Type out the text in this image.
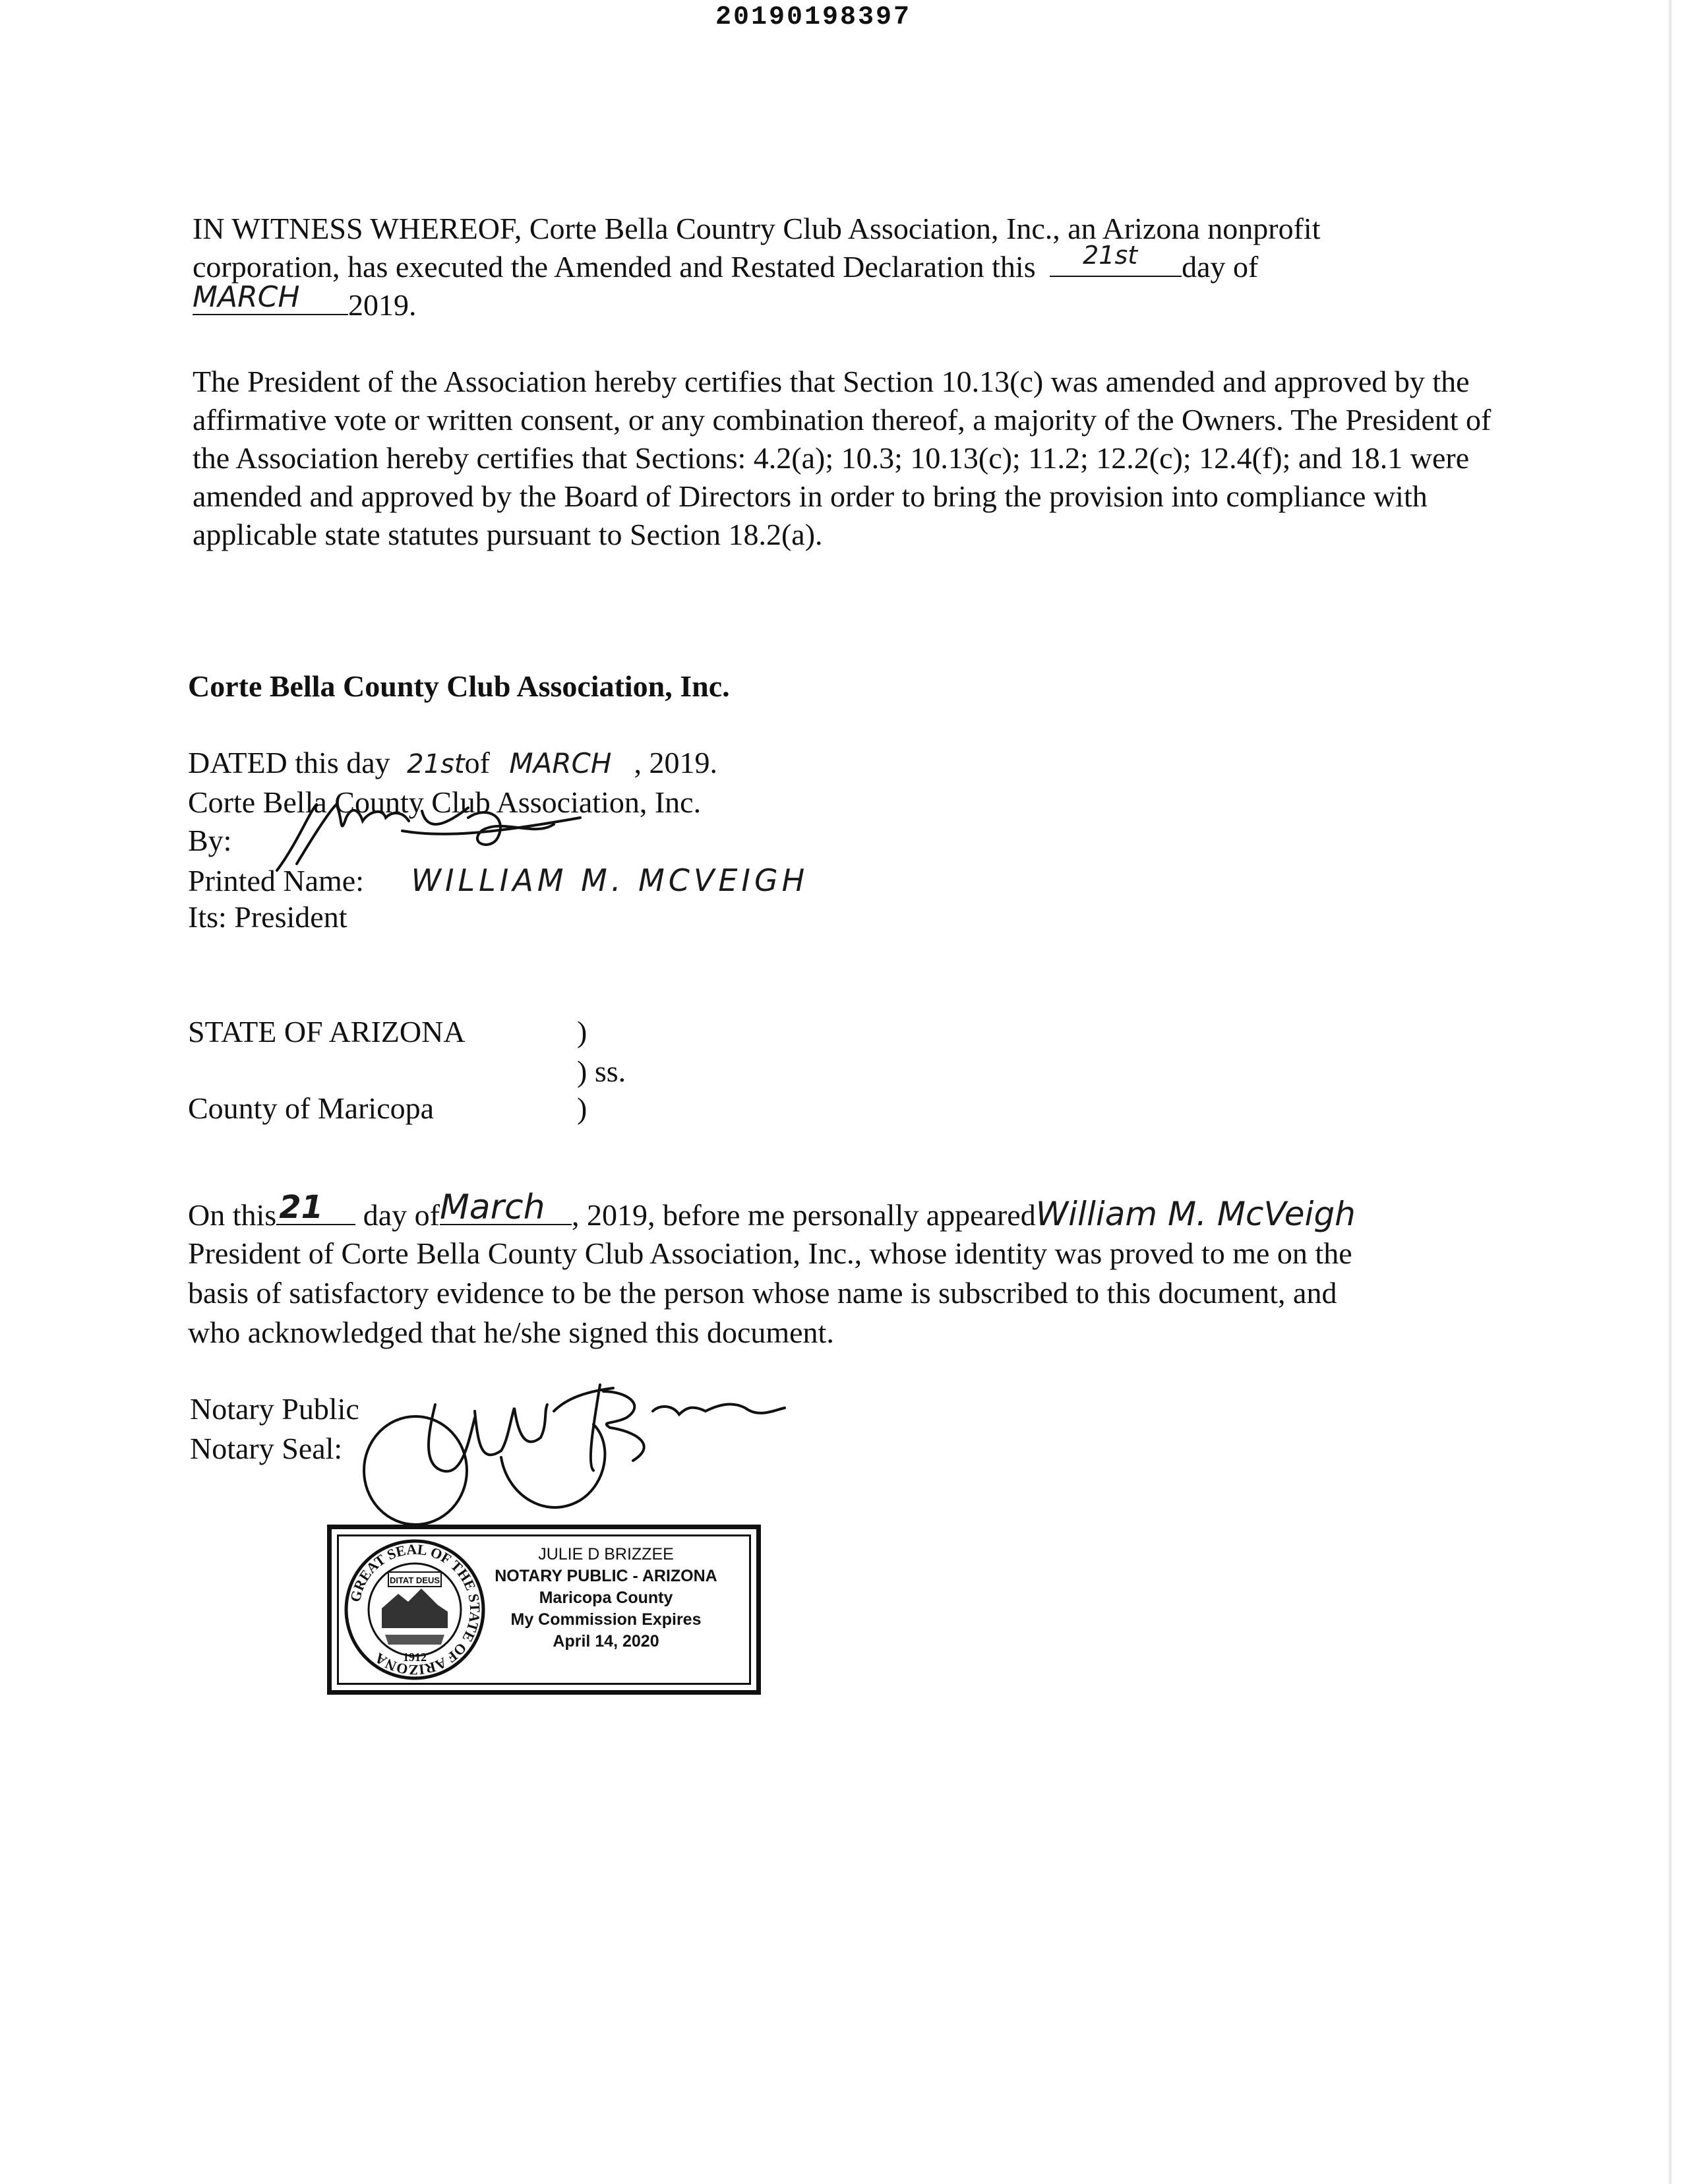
20190198397
IN WITNESS WHEREOF, Corte Bella Country Club Association, Inc., an Arizona nonprofit
corporation, has executed the Amended and Restated Declaration this 21st day of
MARCH 2019.
The President of the Association hereby certifies that Section 10.13(c) was amended and approved by the affirmative vote or written consent, or any combination thereof, a majority of the Owners. The President of the Association hereby certifies that Sections: 4.2(a); 10.3; 10.13(c); 11.2; 12.2(c); 12.4(f); and 18.1 were amended and approved by the Board of Directors in order to bring the provision into compliance with applicable state statutes pursuant to Section 18.2(a).
Corte Bella County Club Association, Inc.
DATED this day 21stof MARCH , 2019.
Corte Bella County Club Association, Inc.
By:
Printed Name: WILLIAM M. MCVEIGH
Its: President
STATE OF ARIZONA	)
) ss.
County of Maricopa	)
On this 21 day of March , 2019, before me personally appearedWilliam M. McVeigh
President of Corte Bella County Club Association, Inc., whose identity was proved to me on the
basis of satisfactory evidence to be the person whose name is subscribed to this document, and
who acknowledged that he/she signed this document.
Notary Public
Notary Seal:
GREAT SEAL OF THE STATE OF ARIZONA
DITAT DEUS
1912
JULIE D BRIZZEE
NOTARY PUBLIC - ARIZONA
Maricopa County
My Commission Expires
April 14, 2020
